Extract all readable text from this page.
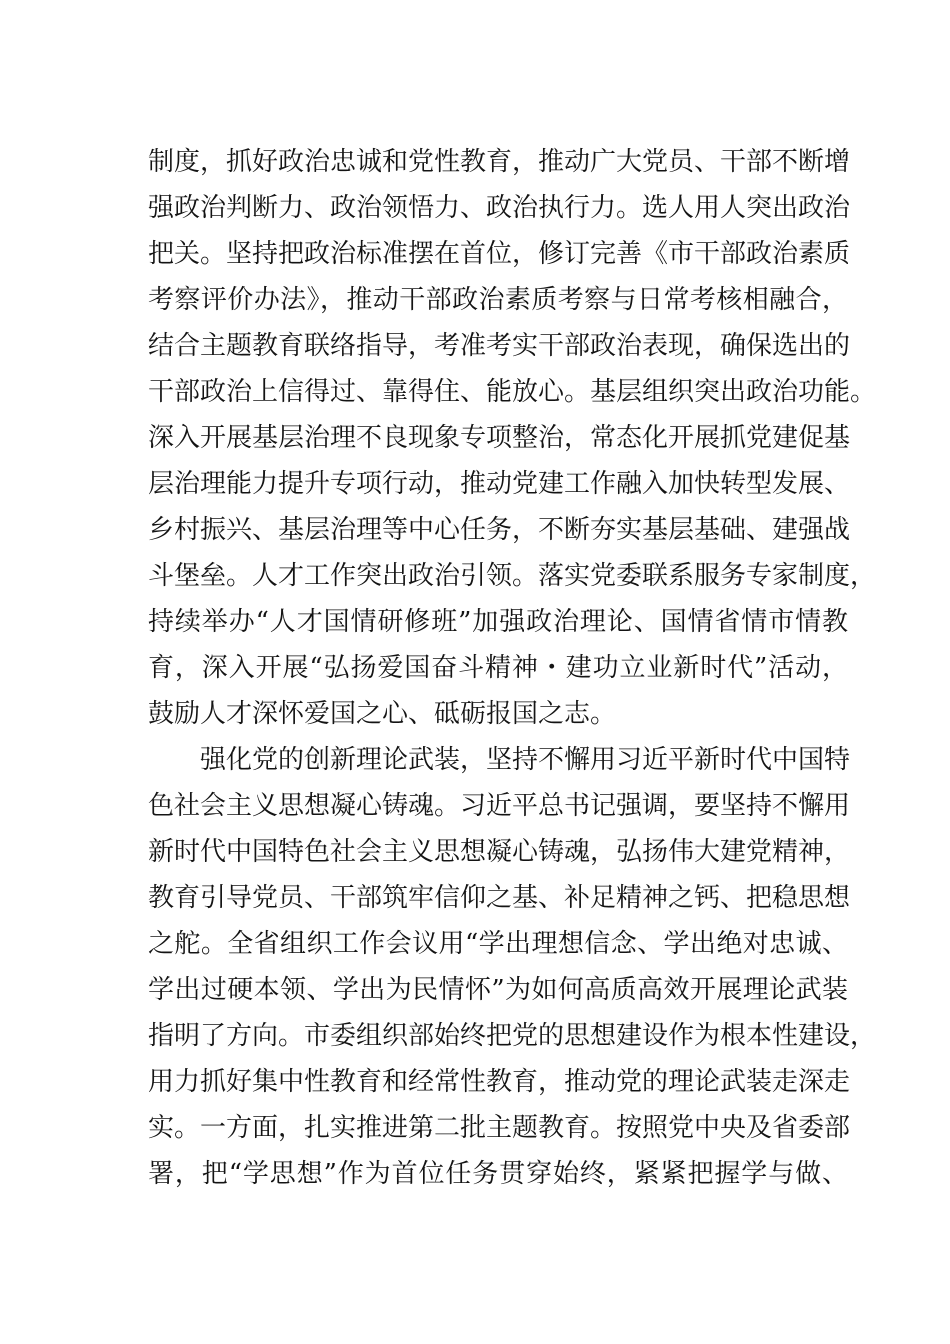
制度，抓好政治忠诚和党性教育，推动广大党员、干部不断增
强政治判断力、政治领悟力、政治执行力。选人用人突出政治
把关。坚持把政治标准摆在首位，修订完善《市干部政治素质
考察评价办法》，推动干部政治素质考察与日常考核相融合，
结合主题教育联络指导，考准考实干部政治表现，确保选出的
干部政治上信得过、靠得住、能放心。基层组织突出政治功能。
深入开展基层治理不良现象专项整治，常态化开展抓党建促基
层治理能力提升专项行动，推动党建工作融入加快转型发展、
乡村振兴、基层治理等中心任务，不断夯实基层基础、建强战
斗堡垒。人才工作突出政治引领。落实党委联系服务专家制度，
持续举办“人才国情研修班”加强政治理论、国情省情市情教
育，深入开展“弘扬爱国奋斗精神・建功立业新时代”活动，
鼓励人才深怀爱国之心、砥砺报国之志。
强化党的创新理论武装，坚持不懈用习近平新时代中国特
色社会主义思想凝心铸魂。习近平总书记强调，要坚持不懈用
新时代中国特色社会主义思想凝心铸魂，弘扬伟大建党精神，
教育引导党员、干部筑牢信仰之基、补足精神之钙、把稳思想
之舵。全省组织工作会议用“学出理想信念、学出绝对忠诚、
学出过硬本领、学出为民情怀”为如何高质高效开展理论武装
指明了方向。市委组织部始终把党的思想建设作为根本性建设，
用力抓好集中性教育和经常性教育，推动党的理论武装走深走
实。一方面，扎实推进第二批主题教育。按照党中央及省委部
署，把“学思想”作为首位任务贯穿始终，紧紧把握学与做、
